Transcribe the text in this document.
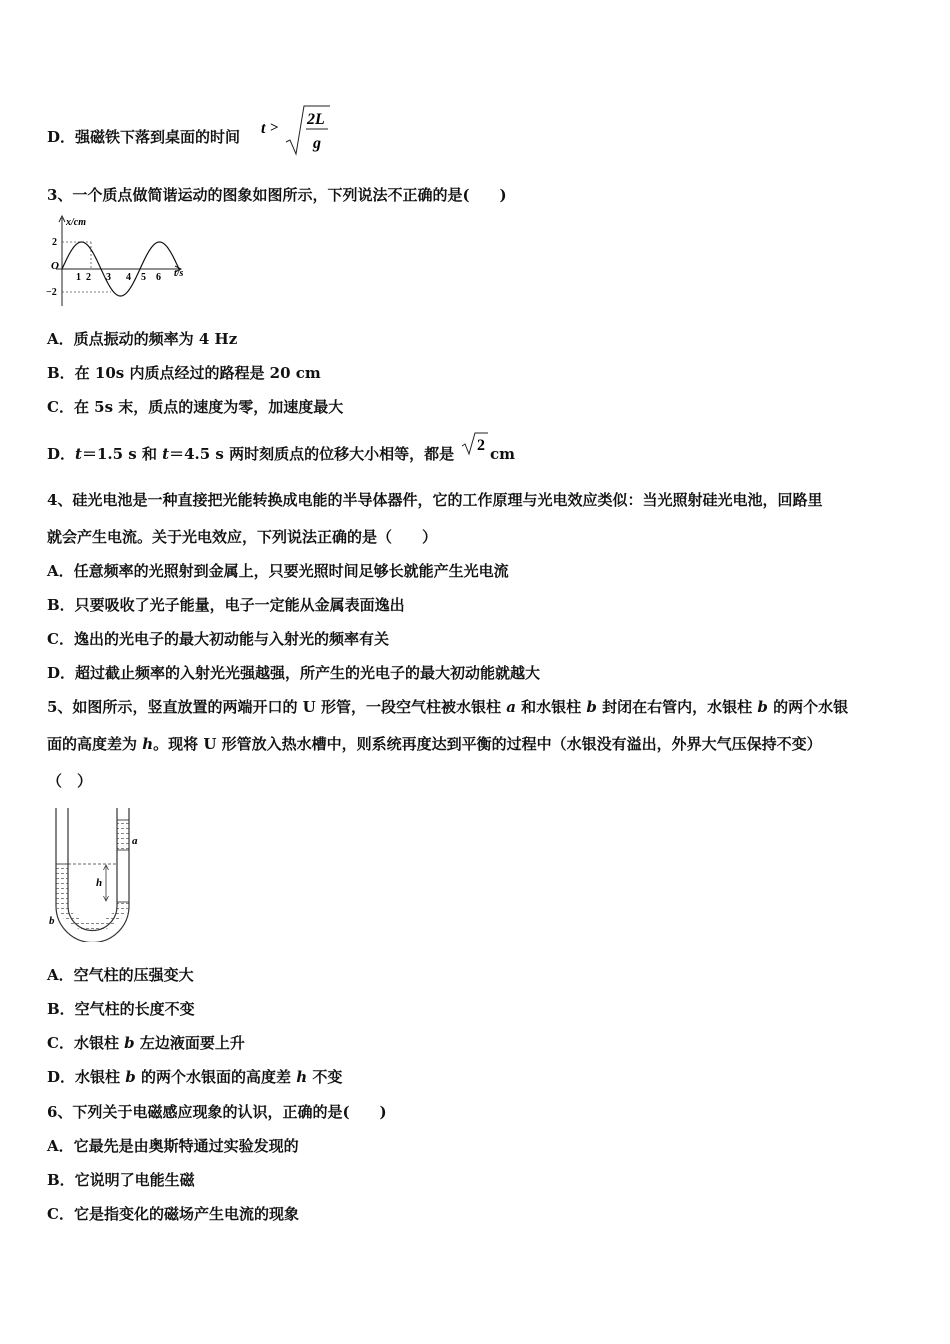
D．强磁铁下落到桌面的时间 t > 2L
g
3、一个质点做简谐运动的图象如图所示，下列说法不正确的是(　　)
x/cm
t/s
O
2
−2
1 2 3 4 5 6
A．质点振动的频率为 4 Hz
B．在 10s 内质点经过的路程是 20 cm
C．在 5s 末，质点的速度为零，加速度最大
D．t＝1.5 s 和 t＝4.5 s 两时刻质点的位移大小相等，都是 2 cm
4、硅光电池是一种直接把光能转换成电能的半导体器件，它的工作原理与光电效应类似：当光照射硅光电池，回路里
就会产生电流。关于光电效应，下列说法正确的是（　　）
A．任意频率的光照射到金属上，只要光照时间足够长就能产生光电流
B．只要吸收了光子能量，电子一定能从金属表面逸出
C．逸出的光电子的最大初动能与入射光的频率有关
D．超过截止频率的入射光光强越强，所产生的光电子的最大初动能就越大
5、如图所示，竖直放置的两端开口的 U 形管，一段空气柱被水银柱 a 和水银柱 b 封闭在右管内，水银柱 b 的两个水银
面的高度差为 h。现将 U 形管放入热水槽中，则系统再度达到平衡的过程中（水银没有溢出，外界大气压保持不变）
（　）
a
h
b
A．空气柱的压强变大
B．空气柱的长度不变
C．水银柱 b 左边液面要上升
D．水银柱 b 的两个水银面的高度差 h 不变
6、下列关于电磁感应现象的认识，正确的是(　　)
A．它最先是由奥斯特通过实验发现的
B．它说明了电能生磁
C．它是指变化的磁场产生电流的现象
